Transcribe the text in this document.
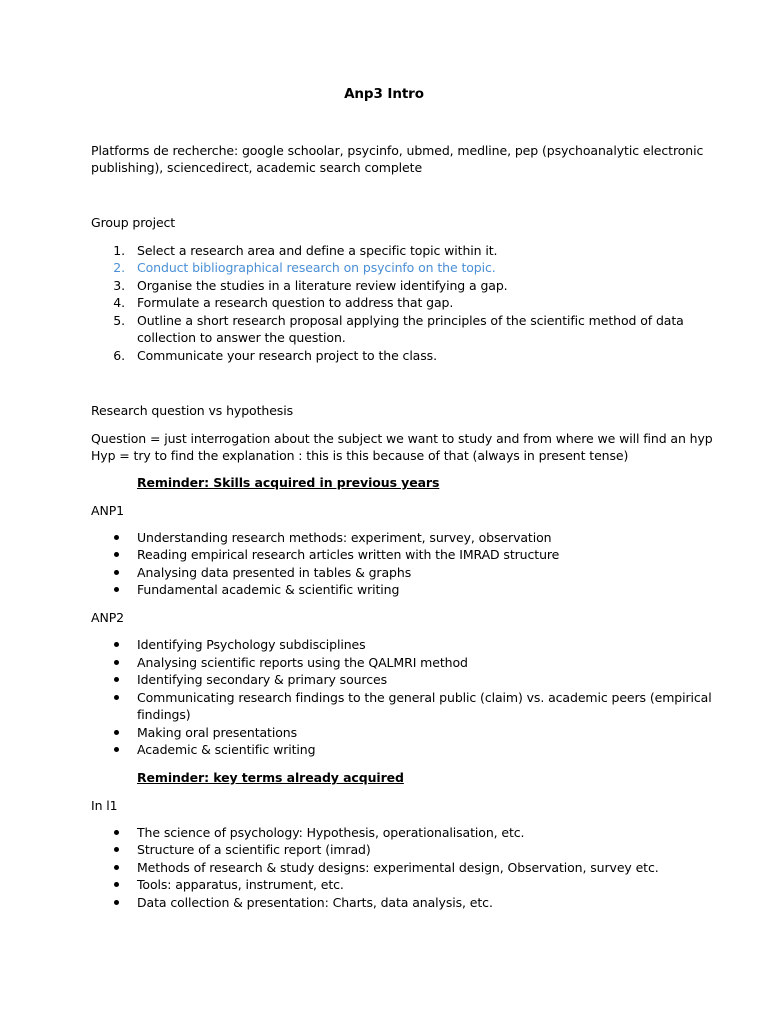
Anp3 Intro
Platforms de recherche: google schoolar, psycinfo, ubmed, medline, pep (psychoanalytic electronic
publishing), sciencedirect, academic search complete
Group project
1. Select a research area and define a specific topic within it.
2. Conduct bibliographical research on psycinfo on the topic.
3. Organise the studies in a literature review identifying a gap.
4. Formulate a research question to address that gap.
5. Outline a short research proposal applying the principles of the scientific method of data
collection to answer the question.
6. Communicate your research project to the class.
Research question vs hypothesis
Question = just interrogation about the subject we want to study and from where we will find an hyp
Hyp = try to find the explanation : this is this because of that (always in present tense)
Reminder: Skills acquired in previous years
ANP1
Understanding research methods: experiment, survey, observation
Reading empirical research articles written with the IMRAD structure
Analysing data presented in tables & graphs
Fundamental academic & scientific writing
ANP2
Identifying Psychology subdisciplines
Analysing scientific reports using the QALMRI method
Identifying secondary & primary sources
Communicating research findings to the general public (claim) vs. academic peers (empirical
findings)
Making oral presentations
Academic & scientific writing
Reminder: key terms already acquired
In l1
The science of psychology: Hypothesis, operationalisation, etc.
Structure of a scientific report (imrad)
Methods of research & study designs: experimental design, Observation, survey etc.
Tools: apparatus, instrument, etc.
Data collection & presentation: Charts, data analysis, etc.
